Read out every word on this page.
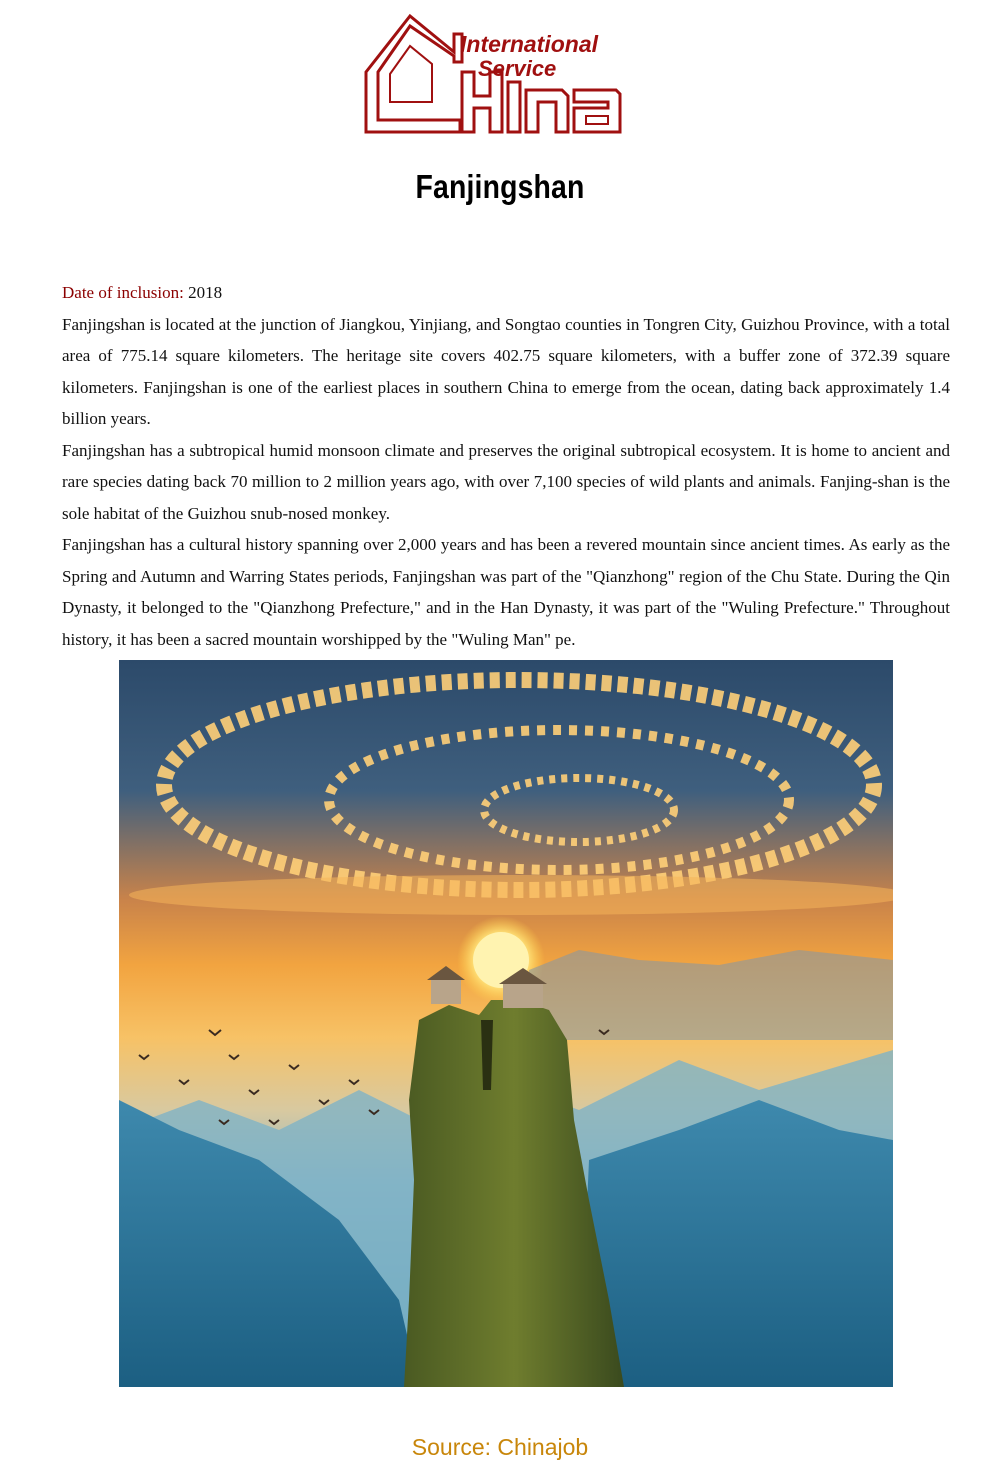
International
Service
Fanjingshan

Date of inclusion: 2018

Fanjingshan is located at the junction of Jiangkou, Yinjiang, and Songtao counties in Tongren City, Guizhou Province, with a total area of 775.14 square kilometers. The heritage site covers 402.75 square kilometers, with a buffer zone of 372.39 square kilometers. Fanjingshan is one of the earliest places in southern China to emerge from the ocean, dating back approximately 1.4 billion years.

Fanjingshan has a subtropical humid monsoon climate and preserves the original subtropical ecosystem. It is home to ancient and rare species dating back 70 million to 2 million years ago, with over 7,100 species of wild plants and animals. Fanjing-shan is the sole habitat of the Guizhou snub-nosed monkey.

Fanjingshan has a cultural history spanning over 2,000 years and has been a revered mountain since ancient times. As early as the Spring and Autumn and Warring States periods, Fanjingshan was part of the "Qianzhong" region of the Chu State. During the Qin Dynasty, it belonged to the "Qianzhong Prefecture," and in the Han Dynasty, it was part of the "Wuling Prefecture." Throughout history, it has been a sacred mountain worshipped by the "Wuling Man" pe.

Source: Chinajob
